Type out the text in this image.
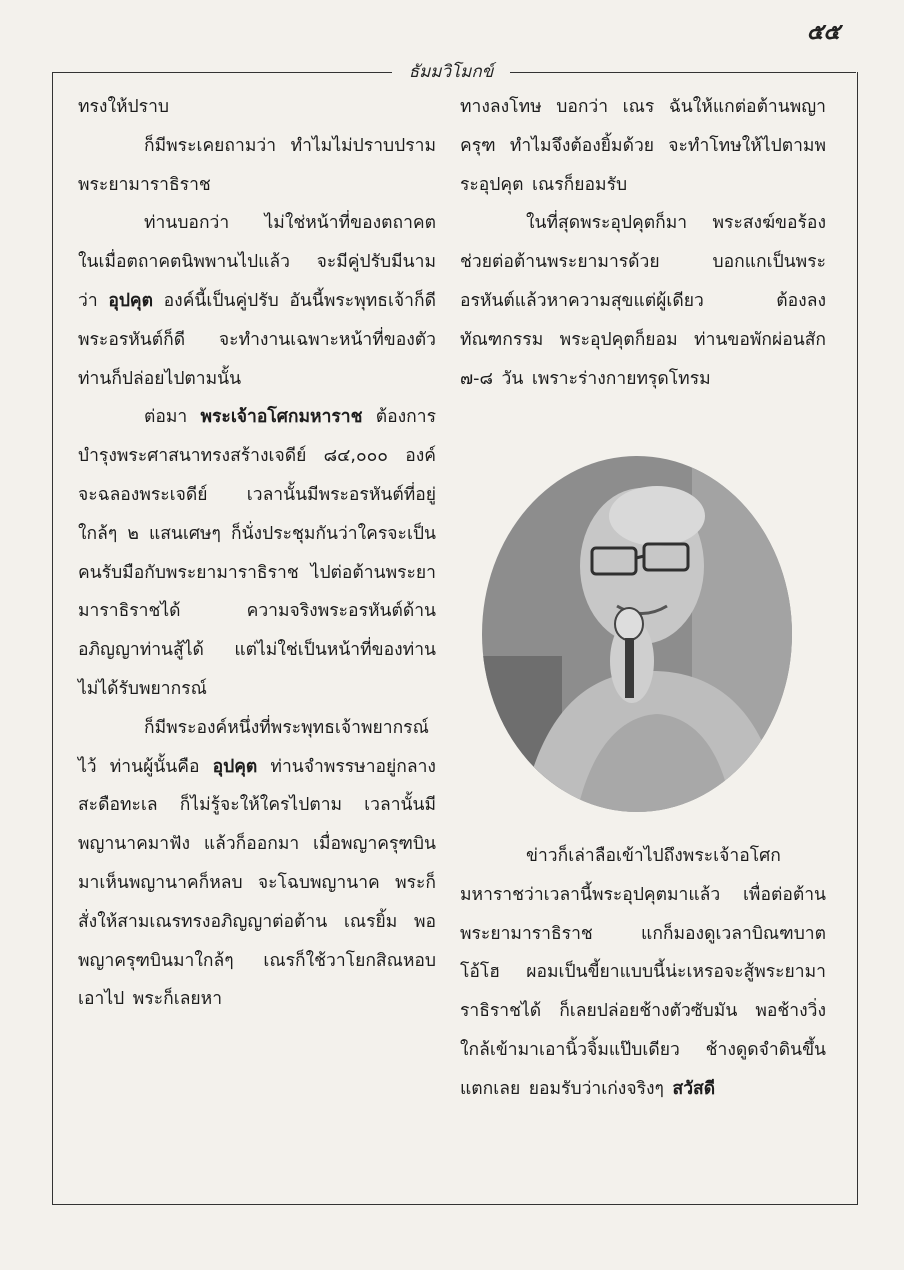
๕๕
ธัมมวิโมกข์

ทรงให้ปราบ

ก็มีพระเคยถามว่า ทำไมไม่ปราบปรามพระยามาราธิราช

ท่านบอกว่า ไม่ใช่หน้าที่ของตถาคต ในเมื่อตถาคตนิพพานไปแล้ว จะมีคู่ปรับมีนามว่า อุปคุต องค์นี้เป็นคู่ปรับ อันนี้พระพุทธเจ้าก็ดี พระอรหันต์ก็ดี จะทำงานเฉพาะหน้าที่ของตัว ท่านก็ปล่อยไปตามนั้น

ต่อมา พระเจ้าอโศกมหาราช ต้องการบำรุงพระศาสนาทรงสร้างเจดีย์ ๘๔,๐๐๐ องค์ จะฉลองพระเจดีย์ เวลานั้นมีพระอรหันต์ที่อยู่ใกล้ๆ ๒ แสนเศษๆ ก็นั่งประชุมกันว่าใครจะเป็นคนรับมือกับพระยามาราธิราช ไปต่อต้านพระยามาราธิราชได้ ความจริงพระอรหันต์ด้านอภิญญาท่านสู้ได้ แต่ไม่ใช่เป็นหน้าที่ของท่าน ไม่ได้รับพยากรณ์

ก็มีพระองค์หนึ่งที่พระพุทธเจ้าพยากรณ์ไว้ ท่านผู้นั้นคือ อุปคุต ท่านจำพรรษาอยู่กลางสะดือทะเล ก็ไม่รู้จะให้ใครไปตาม เวลานั้นมีพญานาคมาฟัง แล้วก็ออกมา เมื่อพญาครุฑบินมาเห็นพญานาคก็หลบ จะโฉบพญานาค พระก็สั่งให้สามเณรทรงอภิญญาต่อต้าน เณรยิ้ม พอพญาครุฑบินมาใกล้ๆ เณรก็ใช้วาโยกสิณหอบเอาไป พระก็เลยหา

ทางลงโทษ บอกว่า เณร ฉันให้แกต่อต้านพญาครุฑ ทำไมจึงต้องยิ้มด้วย จะทำโทษให้ไปตามพระอุปคุต เณรก็ยอมรับ

ในที่สุดพระอุปคุตก็มา พระสงฆ์ขอร้องช่วยต่อต้านพระยามารด้วย บอกแกเป็นพระอรหันต์แล้วหาความสุขแต่ผู้เดียว ต้องลงทัณฑกรรม พระอุปคุตก็ยอม ท่านขอพักผ่อนสัก ๗-๘ วัน เพราะร่างกายทรุดโทรม

ข่าวก็เล่าลือเข้าไปถึงพระเจ้าอโศกมหาราชว่าเวลานี้พระอุปคุตมาแล้ว เพื่อต่อต้านพระยามาราธิราช แกก็มองดูเวลาบิณฑบาต โอ้โฮ ผอมเป็นขี้ยาแบบนี้น่ะเหรอจะสู้พระยามาราธิราชได้ ก็เลยปล่อยช้างตัวซับมัน พอช้างวิ่งใกล้เข้ามาเอานิ้วจิ้มแป๊บเดียว ช้างดูดจำดินขึ้นแตกเลย ยอมรับว่าเก่งจริงๆ สวัสดี
